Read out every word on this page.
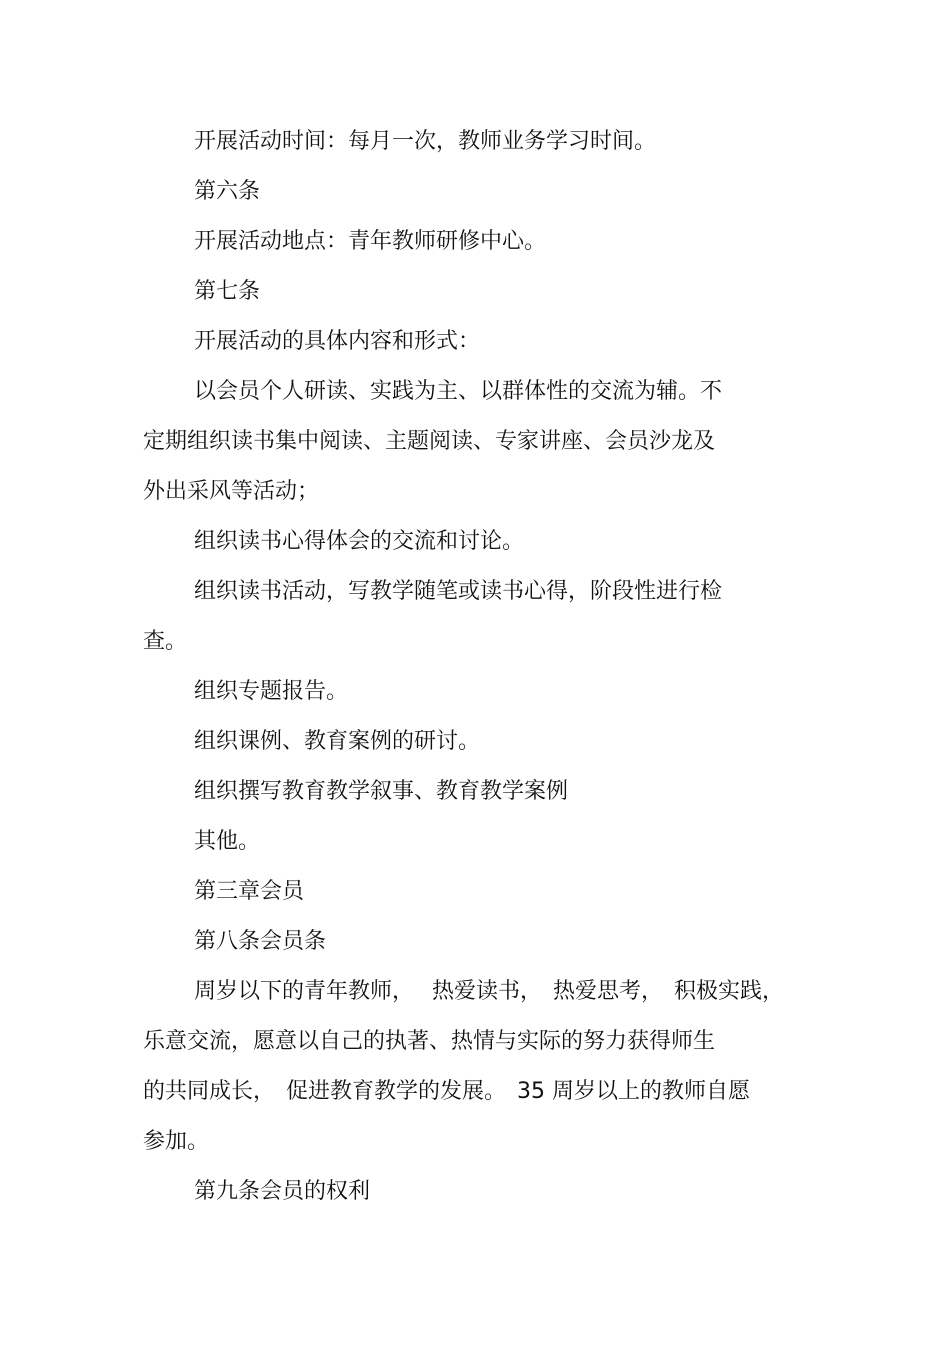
开展活动时间：每月一次，教师业务学习时间。
第六条
开展活动地点：青年教师研修中心。
第七条
开展活动的具体内容和形式：
以会员个人研读、实践为主、以群体性的交流为辅。不
定期组织读书集中阅读、主题阅读、专家讲座、会员沙龙及
外出采风等活动；
组织读书心得体会的交流和讨论。
组织读书活动，写教学随笔或读书心得，阶段性进行检
查。
组织专题报告。
组织课例、教育案例的研讨。
组织撰写教育教学叙事、教育教学案例
其他。
第三章会员
第八条会员条
周岁以下的青年教师，　 热爱读书，　热爱思考，　积极实践，
乐意交流，愿意以自己的执著、热情与实际的努力获得师生
的共同成长，　促进教育教学的发展。　35 周岁以上的教师自愿
参加。
第九条会员的权利
